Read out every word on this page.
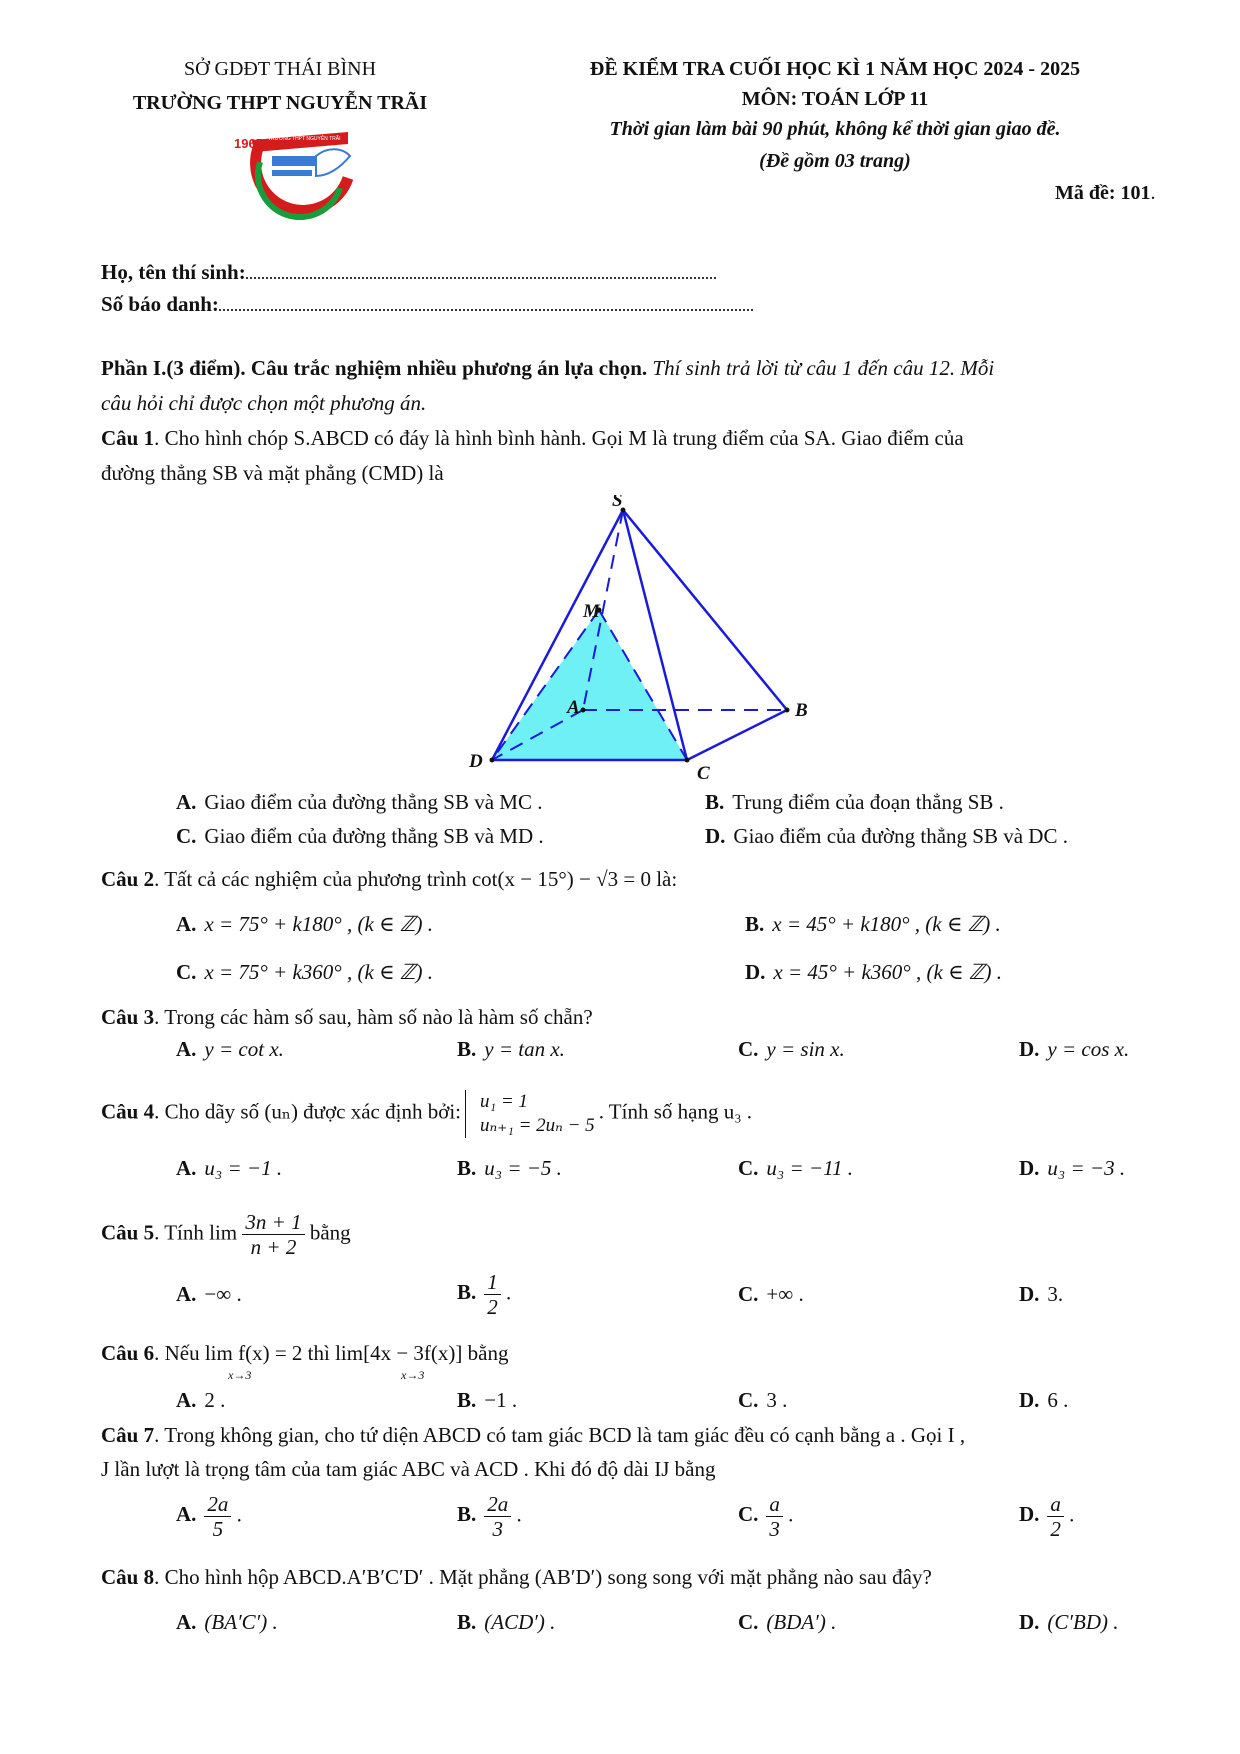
SỞ GDĐT THÁI BÌNH
TRƯỜNG THPT NGUYỄN TRÃI
1965 TRƯỜNG THPT NGUYỄN TRÃI
ĐỀ KIỂM TRA CUỐI HỌC KÌ 1 NĂM HỌC 2024 - 2025
MÔN: TOÁN LỚP 11
Thời gian làm bài 90 phút, không kể thời gian giao đề.
(Đề gồm 03 trang)
Mã đề: 101.
Họ, tên thí sinh:
Số báo danh:
Phần I.(3 điểm). Câu trắc nghiệm nhiều phương án lựa chọn. Thí sinh trả lời từ câu 1 đến câu 12. Mỗi
câu hỏi chỉ được chọn một phương án.
Câu 1. Cho hình chóp S.ABCD có đáy là hình bình hành. Gọi M là trung điểm của SA. Giao điểm của
đường thẳng SB và mặt phẳng (CMD) là
S
M
A	B
C
D
A. Giao điểm của đường thẳng SB và MC .	B. Trung điểm của đoạn thẳng SB .
C. Giao điểm của đường thẳng SB và MD .	D. Giao điểm của đường thẳng SB và DC .
Câu 2. Tất cả các nghiệm của phương trình cot(x − 15°) − √3 = 0 là:
A. x = 75° + k180° , (k ∈ ℤ) .	B. x = 45° + k180° , (k ∈ ℤ) .
C. x = 75° + k360° , (k ∈ ℤ) .	D. x = 45° + k360° , (k ∈ ℤ) .
Câu 3. Trong các hàm số sau, hàm số nào là hàm số chẵn?
A. y = cot x.	B. y = tan x.	C. y = sin x.	D. y = cos x.
Câu 4. Cho dãy số (uₙ) được xác định bởi: u₁ = 1
uₙ₊₁ = 2uₙ − 5
. Tính số hạng u₃ .
A. u₃ = −1 .	B. u₃ = −5 .	C. u₃ = −11 .	D. u₃ = −3 .
Câu 5. Tính $\lim \frac{3n + 1}{n + 2}$ bằng
A. −∞ .	B. $\frac{1}{2}$ .	C. +∞ .	D. 3.
Câu 6. Nếu lim f(x) = 2 thì lim[4x − 3f(x)] bằng
x→3	x→3
A. 2 .	B. −1 .	C. 3 .	D. 6 .
Câu 7. Trong không gian, cho tứ diện ABCD có tam giác BCD là tam giác đều có cạnh bằng a . Gọi I ,
J lần lượt là trọng tâm của tam giác ABC và ACD . Khi đó độ dài IJ bằng
A. $\frac{2a}{5}$ .	B. $\frac{2a}{3}$ .	C. $\frac{a}{3}$ .	D. $\frac{a}{2}$ .
Câu 8. Cho hình hộp ABCD.A′B′C′D′ . Mặt phẳng (AB′D′) song song với mặt phẳng nào sau đây?
A. (BA′C′) .	B. (ACD′) .	C. (BDA′) .	D. (C′BD) .
